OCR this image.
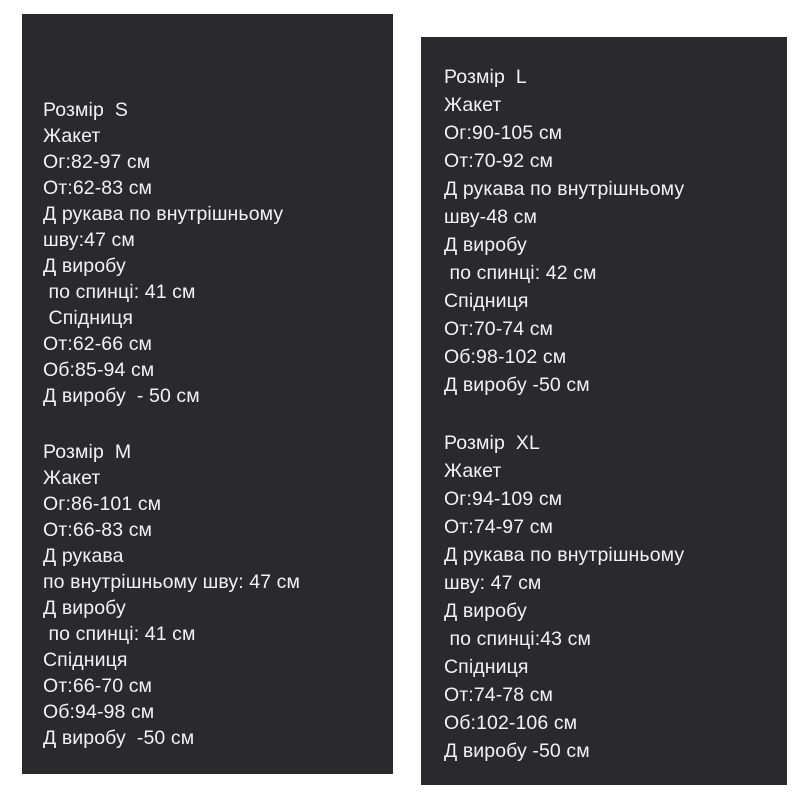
Розмір  S
Жакет
Ог:82-97 см
От:62-83 см
Д рукава по внутрішньому
шву:47 см
Д виробу
по спинці: 41 см
Спідниця
От:62-66 см
Об:85-94 см
Д виробу  - 50 см
Розмір  M
Жакет
Ог:86-101 см
От:66-83 см
Д рукава
по внутрішньому шву: 47 см
Д виробу
по спинці: 41 см
Спідниця
От:66-70 см
Об:94-98 см
Д виробу  -50 см
Розмір  L
Жакет
Ог:90-105 см
От:70-92 см
Д рукава по внутрішньому
шву-48 см
Д виробу
по спинці: 42 см
Спідниця
От:70-74 см
Об:98-102 см
Д виробу -50 см
Розмір  XL
Жакет
Ог:94-109 см
От:74-97 см
Д рукава по внутрішньому
шву: 47 см
Д виробу
по спинці:43 см
Спідниця
От:74-78 см
Об:102-106 см
Д виробу -50 см
